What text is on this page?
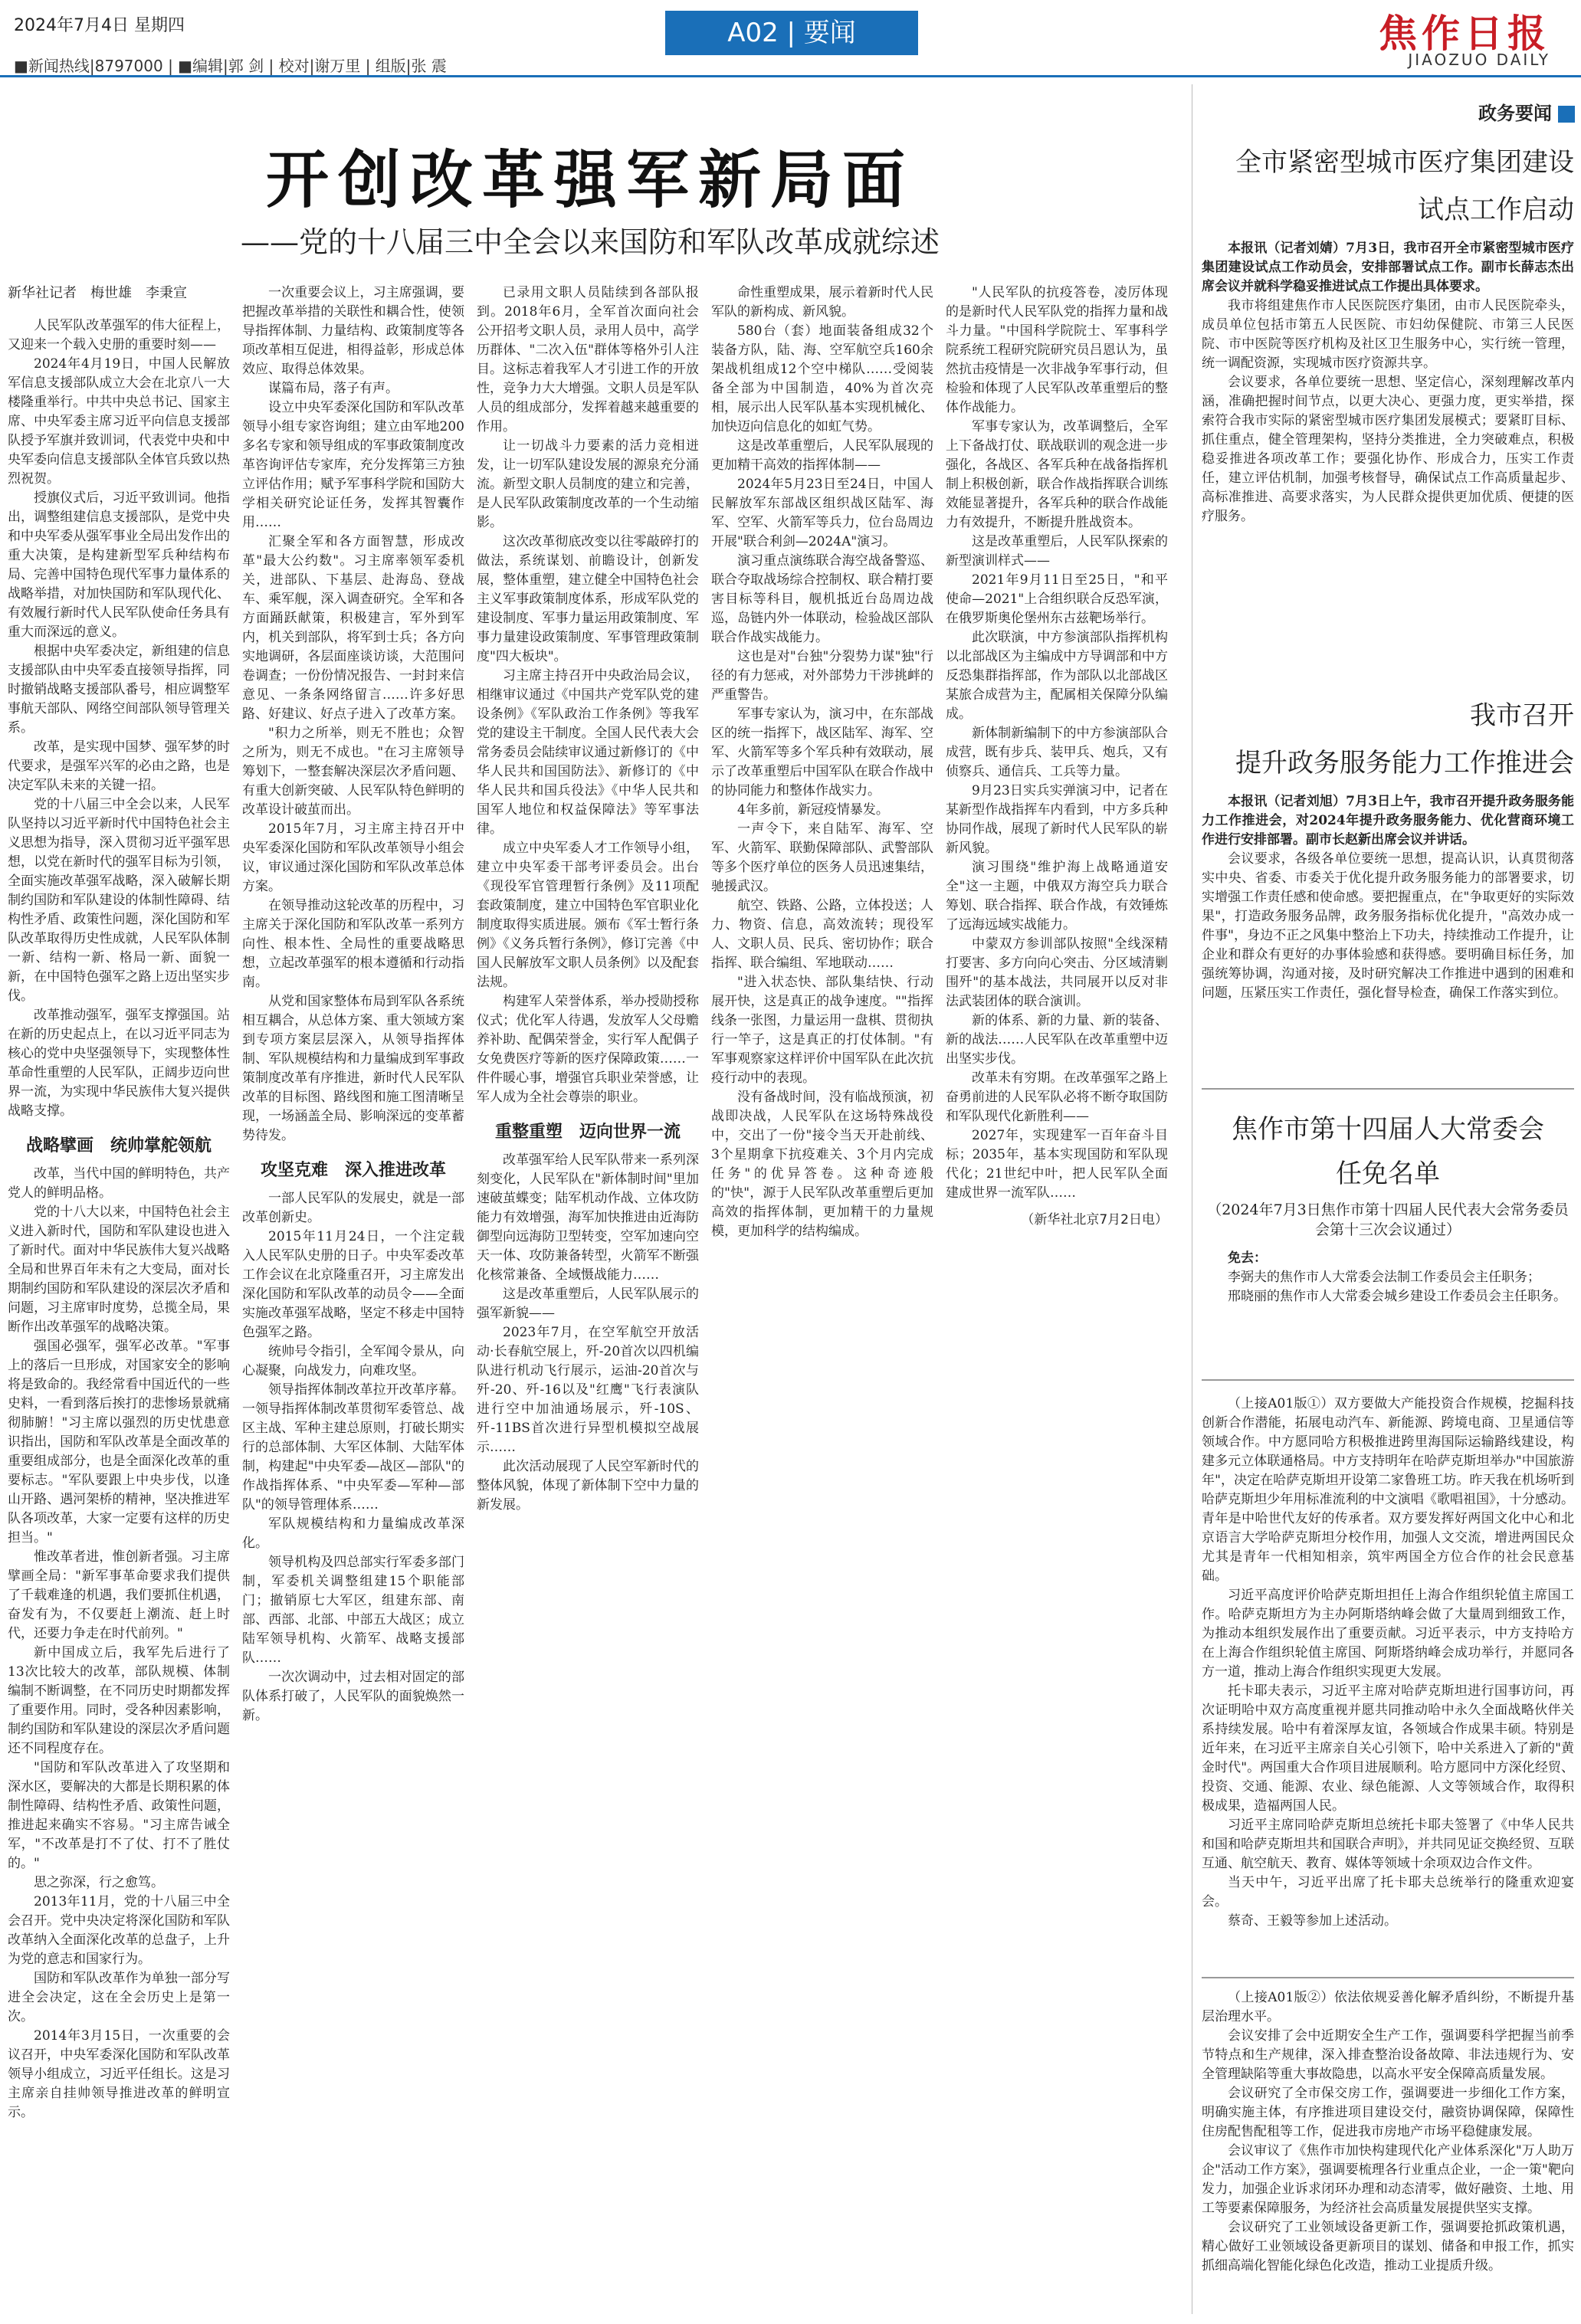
2024年7月4日 星期四
■新闻热线|8797000 | ■编辑|郭 剑 | 校对|谢万里 | 组版|张 震
A02 | 要闻	焦作日报
JIAOZUO DAILY
开创改革强军新局面
——党的十八届三中全会以来国防和军队改革成就综述

新华社记者　梅世雄　李秉宣

人民军队改革强军的伟大征程上，又迎来一个载入史册的重要时刻——

2024年4月19日，中国人民解放军信息支援部队成立大会在北京八一大楼隆重举行。中共中央总书记、国家主席、中央军委主席习近平向信息支援部队授予军旗并致训词，代表党中央和中央军委向信息支援部队全体官兵致以热烈祝贺。

授旗仪式后，习近平致训词。他指出，调整组建信息支援部队，是党中央和中央军委从强军事业全局出发作出的重大决策，是构建新型军兵种结构布局、完善中国特色现代军事力量体系的战略举措，对加快国防和军队现代化、有效履行新时代人民军队使命任务具有重大而深远的意义。

根据中央军委决定，新组建的信息支援部队由中央军委直接领导指挥，同时撤销战略支援部队番号，相应调整军事航天部队、网络空间部队领导管理关系。

改革，是实现中国梦、强军梦的时代要求，是强军兴军的必由之路，也是决定军队未来的关键一招。

党的十八届三中全会以来，人民军队坚持以习近平新时代中国特色社会主义思想为指导，深入贯彻习近平强军思想，以党在新时代的强军目标为引领，全面实施改革强军战略，深入破解长期制约国防和军队建设的体制性障碍、结构性矛盾、政策性问题，深化国防和军队改革取得历史性成就，人民军队体制一新、结构一新、格局一新、面貌一新，在中国特色强军之路上迈出坚实步伐。

改革推动强军，强军支撑强国。站在新的历史起点上，在以习近平同志为核心的党中央坚强领导下，实现整体性革命性重塑的人民军队，正阔步迈向世界一流，为实现中华民族伟大复兴提供战略支撑。

战略擘画　统帅掌舵领航

改革，当代中国的鲜明特色，共产党人的鲜明品格。

党的十八大以来，中国特色社会主义进入新时代，国防和军队建设也进入了新时代。面对中华民族伟大复兴战略全局和世界百年未有之大变局，面对长期制约国防和军队建设的深层次矛盾和问题，习主席审时度势，总揽全局，果断作出改革强军的战略决策。

强国必强军，强军必改革。"军事上的落后一旦形成，对国家安全的影响将是致命的。我经常看中国近代的一些史料，一看到落后挨打的悲惨场景就痛彻肺腑！"习主席以强烈的历史忧患意识指出，国防和军队改革是全面改革的重要组成部分，也是全面深化改革的重要标志。"军队要跟上中央步伐，以逢山开路、遇河架桥的精神，坚决推进军队各项改革，大家一定要有这样的历史担当。"

惟改革者进，惟创新者强。习主席擘画全局："新军事革命要求我们提供了千载难逢的机遇，我们要抓住机遇，奋发有为，不仅要赶上潮流、赶上时代，还要力争走在时代前列。"

新中国成立后，我军先后进行了13次比较大的改革，部队规模、体制编制不断调整，在不同历史时期都发挥了重要作用。同时，受各种因素影响，制约国防和军队建设的深层次矛盾问题还不同程度存在。

"国防和军队改革进入了攻坚期和深水区，要解决的大都是长期积累的体制性障碍、结构性矛盾、政策性问题，推进起来确实不容易。"习主席告诫全军，"不改革是打不了仗、打不了胜仗的。"

思之弥深，行之愈笃。

2013年11月，党的十八届三中全会召开。党中央决定将深化国防和军队改革纳入全面深化改革的总盘子，上升为党的意志和国家行为。

国防和军队改革作为单独一部分写进全会决定，这在全会历史上是第一次。

2014年3月15日，一次重要的会议召开，中央军委深化国防和军队改革领导小组成立，习近平任组长。这是习主席亲自挂帅领导推进改革的鲜明宣示。

一次重要会议上，习主席强调，要把握改革举措的关联性和耦合性，使领导指挥体制、力量结构、政策制度等各项改革相互促进，相得益彰，形成总体效应、取得总体效果。

谋篇布局，落子有声。

设立中央军委深化国防和军队改革领导小组专家咨询组；建立由军地200多名专家和领导组成的军事政策制度改革咨询评估专家库，充分发挥第三方独立评估作用；赋予军事科学院和国防大学相关研究论证任务，发挥其智囊作用……

汇聚全军和各方面智慧，形成改革"最大公约数"。习主席率领军委机关，进部队、下基层、赴海岛、登战车、乘军舰，深入调查研究。全军和各方面踊跃献策，积极建言，军外到军内，机关到部队，将军到士兵；各方向实地调研，各层面座谈访谈，大范围问卷调查；一份份情况报告、一封封来信意见、一条条网络留言……许多好思路、好建议、好点子进入了改革方案。

"积力之所举，则无不胜也；众智之所为，则无不成也。"在习主席领导筹划下，一整套解决深层次矛盾问题、有重大创新突破、人民军队特色鲜明的改革设计破茧而出。

2015年7月，习主席主持召开中央军委深化国防和军队改革领导小组会议，审议通过深化国防和军队改革总体方案。

在领导推动这轮改革的历程中，习主席关于深化国防和军队改革一系列方向性、根本性、全局性的重要战略思想，立起改革强军的根本遵循和行动指南。

从党和国家整体布局到军队各系统相互耦合，从总体方案、重大领域方案到专项方案层层深入，从领导指挥体制、军队规模结构和力量编成到军事政策制度改革有序推进，新时代人民军队改革的目标图、路线图和施工图清晰呈现，一场涵盖全局、影响深远的变革蓄势待发。

攻坚克难　深入推进改革

一部人民军队的发展史，就是一部改革创新史。

2015年11月24日，一个注定载入人民军队史册的日子。中央军委改革工作会议在北京隆重召开，习主席发出深化国防和军队改革的动员令——全面实施改革强军战略，坚定不移走中国特色强军之路。

统帅号令指引，全军闻令景从，向心凝聚，向战发力，向难攻坚。

领导指挥体制改革拉开改革序幕。一领导指挥体制改革贯彻军委管总、战区主战、军种主建总原则，打破长期实行的总部体制、大军区体制、大陆军体制，构建起"中央军委—战区—部队"的作战指挥体系、"中央军委—军种—部队"的领导管理体系……

军队规模结构和力量编成改革深化。

领导机构及四总部实行军委多部门制，军委机关调整组建15个职能部门；撤销原七大军区，组建东部、南部、西部、北部、中部五大战区；成立陆军领导机构、火箭军、战略支援部队……

一次次调动中，过去相对固定的部队体系打破了，人民军队的面貌焕然一新。

已录用文职人员陆续到各部队报到。2018年6月，全军首次面向社会公开招考文职人员，录用人员中，高学历群体、"二次入伍"群体等格外引人注目。这标志着我军人才引进工作的开放性，竞争力大大增强。文职人员是军队人员的组成部分，发挥着越来越重要的作用。

让一切战斗力要素的活力竞相迸发，让一切军队建设发展的源泉充分涌流。新型文职人员制度的建立和完善，是人民军队政策制度改革的一个生动缩影。

这次改革彻底改变以往零敲碎打的做法，系统谋划、前瞻设计，创新发展，整体重塑，建立健全中国特色社会主义军事政策制度体系，形成军队党的建设制度、军事力量运用政策制度、军事力量建设政策制度、军事管理政策制度"四大板块"。

习主席主持召开中央政治局会议，相继审议通过《中国共产党军队党的建设条例》《军队政治工作条例》等我军党的建设主干制度。全国人民代表大会常务委员会陆续审议通过新修订的《中华人民共和国国防法》、新修订的《中华人民共和国兵役法》《中华人民共和国军人地位和权益保障法》等军事法律。

成立中央军委人才工作领导小组，建立中央军委干部考评委员会。出台《现役军官管理暂行条例》及11项配套政策制度，建立中国特色军官职业化制度取得实质进展。颁布《军士暂行条例》《义务兵暂行条例》，修订完善《中国人民解放军文职人员条例》以及配套法规。

构建军人荣誉体系，举办授勋授称仪式；优化军人待遇，发放军人父母赡养补助、配偶荣誉金，实行军人配偶子女免费医疗等新的医疗保障政策……一件件暖心事，增强官兵职业荣誉感，让军人成为全社会尊崇的职业。

重整重塑　迈向世界一流

改革强军给人民军队带来一系列深刻变化，人民军队在"新体制时间"里加速破茧蝶变；陆军机动作战、立体攻防能力有效增强，海军加快推进由近海防御型向远海防卫型转变，空军加速向空天一体、攻防兼备转型，火箭军不断强化核常兼备、全域慑战能力……

这是改革重塑后，人民军队展示的强军新貌——

2023年7月，在空军航空开放活动·长春航空展上，歼-20首次以四机编队进行机动飞行展示，运油-20首次与歼-20、歼-16以及"红鹰"飞行表演队进行空中加油通场展示，歼-10S、歼-11BS首次进行异型机模拟空战展示……

此次活动展现了人民空军新时代的整体风貌，体现了新体制下空中力量的新发展。

命性重塑成果，展示着新时代人民军队的新构成、新风貌。

580台（套）地面装备组成32个装备方队，陆、海、空军航空兵160余架战机组成12个空中梯队……受阅装备全部为中国制造，40%为首次亮相，展示出人民军队基本实现机械化、加快迈向信息化的如虹气势。

这是改革重塑后，人民军队展现的更加精干高效的指挥体制——

2024年5月23日至24日，中国人民解放军东部战区组织战区陆军、海军、空军、火箭军等兵力，位台岛周边开展"联合利剑—2024A"演习。

演习重点演练联合海空战备警巡、联合夺取战场综合控制权、联合精打要害目标等科目，舰机抵近台岛周边战巡，岛链内外一体联动，检验战区部队联合作战实战能力。

这也是对"台独"分裂势力谋"独"行径的有力惩戒，对外部势力干涉挑衅的严重警告。

军事专家认为，演习中，在东部战区的统一指挥下，战区陆军、海军、空军、火箭军等多个军兵种有效联动，展示了改革重塑后中国军队在联合作战中的协同能力和整体作战实力。

4年多前，新冠疫情暴发。

一声令下，来自陆军、海军、空军、火箭军、联勤保障部队、武警部队等多个医疗单位的医务人员迅速集结，驰援武汉。

航空、铁路、公路，立体投送；人力、物资、信息，高效流转；现役军人、文职人员、民兵、密切协作；联合指挥、联合编组、军地联动……

"进入状态快、部队集结快、行动展开快，这是真正的战争速度。""指挥线条一张图，力量运用一盘棋、贯彻执行一竿子，这是真正的打仗体制。"有军事观察家这样评价中国军队在此次抗疫行动中的表现。

没有备战时间，没有临战预演，初战即决战，人民军队在这场特殊战役中，交出了一份"接令当天开赴前线、3个星期拿下抗疫难关、3个月内完成任务"的优异答卷。这种奇迹般的"快"，源于人民军队改革重塑后更加高效的指挥体制，更加精干的力量规模，更加科学的结构编成。

"人民军队的抗疫答卷，凌厉体现的是新时代人民军队党的指挥力量和战斗力量。"中国科学院院士、军事科学院系统工程研究院研究员吕恩认为，虽然抗击疫情是一次非战争军事行动，但检验和体现了人民军队改革重塑后的整体作战能力。

军事专家认为，改革调整后，全军上下备战打仗、联战联训的观念进一步强化，各战区、各军兵种在战备指挥机制上积极创新，联合作战指挥联合训练效能显著提升，各军兵种的联合作战能力有效提升，不断提升胜战资本。

这是改革重塑后，人民军队探索的新型演训样式——

2021年9月11日至25日，"和平使命—2021"上合组织联合反恐军演，在俄罗斯奥伦堡州东古兹靶场举行。

此次联演，中方参演部队指挥机构以北部战区为主编成中方导调部和中方反恐集群指挥部，作为部队以北部战区某旅合成营为主，配属相关保障分队编成。

新体制新编制下的中方参演部队合成营，既有步兵、装甲兵、炮兵，又有侦察兵、通信兵、工兵等力量。

9月23日实兵实弹演习中，记者在某新型作战指挥车内看到，中方多兵种协同作战，展现了新时代人民军队的崭新风貌。

演习围绕"维护海上战略通道安全"这一主题，中俄双方海空兵力联合筹划、联合指挥、联合作战，有效锤炼了远海远域实战能力。

中蒙双方参训部队按照"全线深精打要害、多方向向心突击、分区域清剿围歼"的基本战法，共同展开以反对非法武装团体的联合演训。

新的体系、新的力量、新的装备、新的战法……人民军队在改革重塑中迈出坚实步伐。

改革未有穷期。在改革强军之路上奋勇前进的人民军队必将不断夺取国防和军队现代化新胜利——

2027年，实现建军一百年奋斗目标；2035年，基本实现国防和军队现代化；21世纪中叶，把人民军队全面建成世界一流军队……

（新华社北京7月2日电）
政务要闻
全市紧密型城市医疗集团建设
试点工作启动

本报讯（记者刘婧）7月3日，我市召开全市紧密型城市医疗集团建设试点工作动员会，安排部署试点工作。副市长薛志杰出席会议并就科学稳妥推进试点工作提出具体要求。

我市将组建焦作市人民医院医疗集团，由市人民医院牵头，成员单位包括市第五人民医院、市妇幼保健院、市第三人民医院、市中医院等医疗机构及社区卫生服务中心，实行统一管理，统一调配资源，实现城市医疗资源共享。

会议要求，各单位要统一思想、坚定信心，深刻理解改革内涵，准确把握时间节点，以更大决心、更强力度，更实举措，探索符合我市实际的紧密型城市医疗集团发展模式；要紧盯目标、抓住重点，健全管理架构，坚持分类推进，全力突破难点，积极稳妥推进各项改革工作；要强化协作、形成合力，压实工作责任，建立评估机制，加强考核督导，确保试点工作高质量起步、高标准推进、高要求落实，为人民群众提供更加优质、便捷的医疗服务。

我市召开
提升政务服务能力工作推进会

本报讯（记者刘旭）7月3日上午，我市召开提升政务服务能力工作推进会，对2024年提升政务服务能力、优化营商环境工作进行安排部署。副市长赵新出席会议并讲话。

会议要求，各级各单位要统一思想，提高认识，认真贯彻落实中央、省委、市委关于优化提升政务服务能力的部署要求，切实增强工作责任感和使命感。要把握重点，在"争取更好的实际效果"，打造政务服务品牌，政务服务指标优化提升，"高效办成一件事"，身边不正之风集中整治上下功夫，持续推动工作提升，让企业和群众有更好的办事体验感和获得感。要明确目标任务，加强统筹协调，沟通对接，及时研究解决工作推进中遇到的困难和问题，压紧压实工作责任，强化督导检查，确保工作落实到位。

焦作市第十四届人大常委会
任免名单
（2024年7月3日焦作市第十四届人民代表大会常务委员会第十三次会议通过）

免去：

李弼夫的焦作市人大常委会法制工作委员会主任职务；

邢晓丽的焦作市人大常委会城乡建设工作委员会主任职务。

（上接A01版①）双方要做大产能投资合作规模，挖掘科技创新合作潜能，拓展电动汽车、新能源、跨境电商、卫星通信等领域合作。中方愿同哈方积极推进跨里海国际运输路线建设，构建多元立体联通格局。中方支持明年在哈萨克斯坦举办"中国旅游年"，决定在哈萨克斯坦开设第二家鲁班工坊。昨天我在机场听到哈萨克斯坦少年用标准流利的中文演唱《歌唱祖国》，十分感动。青年是中哈世代友好的传承者。双方要发挥好两国文化中心和北京语言大学哈萨克斯坦分校作用，加强人文交流，增进两国民众尤其是青年一代相知相亲，筑牢两国全方位合作的社会民意基础。

习近平高度评价哈萨克斯坦担任上海合作组织轮值主席国工作。哈萨克斯坦方为主办阿斯塔纳峰会做了大量周到细致工作，为推动本组织发展作出了重要贡献。习近平表示，中方支持哈方在上海合作组织轮值主席国、阿斯塔纳峰会成功举行，并愿同各方一道，推动上海合作组织实现更大发展。

托卡耶夫表示，习近平主席对哈萨克斯坦进行国事访问，再次证明哈中双方高度重视并愿共同推动哈中永久全面战略伙伴关系持续发展。哈中有着深厚友谊，各领域合作成果丰硕。特别是近年来，在习近平主席亲自关心引领下，哈中关系进入了新的"黄金时代"。两国重大合作项目进展顺利。哈方愿同中方深化经贸、投资、交通、能源、农业、绿色能源、人文等领域合作，取得积极成果，造福两国人民。

习近平主席同哈萨克斯坦总统托卡耶夫签署了《中华人民共和国和哈萨克斯坦共和国联合声明》，并共同见证交换经贸、互联互通、航空航天、教育、媒体等领域十余项双边合作文件。

当天中午，习近平出席了托卡耶夫总统举行的隆重欢迎宴会。

蔡奇、王毅等参加上述活动。

（上接A01版②）依法依规妥善化解矛盾纠纷，不断提升基层治理水平。

会议安排了会中近期安全生产工作，强调要科学把握当前季节特点和生产规律，深入排查整治设备故障、非法违规行为、安全管理缺陷等重大事故隐患，以高水平安全保障高质量发展。

会议研究了全市保交房工作，强调要进一步细化工作方案，明确实施主体，有序推进项目建设交付，融资协调保障，保障性住房配售配租等工作，促进我市房地产市场平稳健康发展。

会议审议了《焦作市加快构建现代化产业体系深化"万人助万企"活动工作方案》，强调要梳理各行业重点企业，一企一策"靶向发力，加强企业诉求闭环办理和动态清零，做好融资、土地、用工等要素保障服务，为经济社会高质量发展提供坚实支撑。

会议研究了工业领域设备更新工作，强调要抢抓政策机遇，精心做好工业领域设备更新项目的谋划、储备和申报工作，抓实抓细高端化智能化绿色化改造，推动工业提质升级。
